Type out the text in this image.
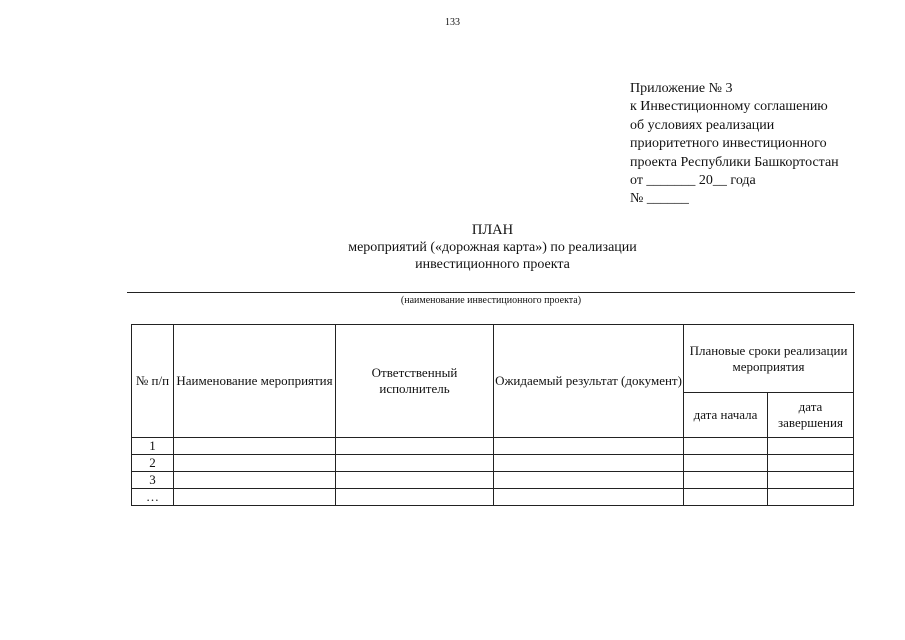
133
Приложение № 3
к Инвестиционному соглашению
об условиях реализации
приоритетного инвестиционного
проекта Республики Башкортостан
от _______ 20__ года
№ ______
ПЛАН
мероприятий («дорожная карта») по реализации
инвестиционного проекта
(наименование инвестиционного проекта)
№ п/п	Наименование мероприятия	Ответственный исполнитель	Ожидаемый результат (документ)	Плановые сроки реализации мероприятия	
				дата начала	дата завершения
1					
2					
3					
…					
